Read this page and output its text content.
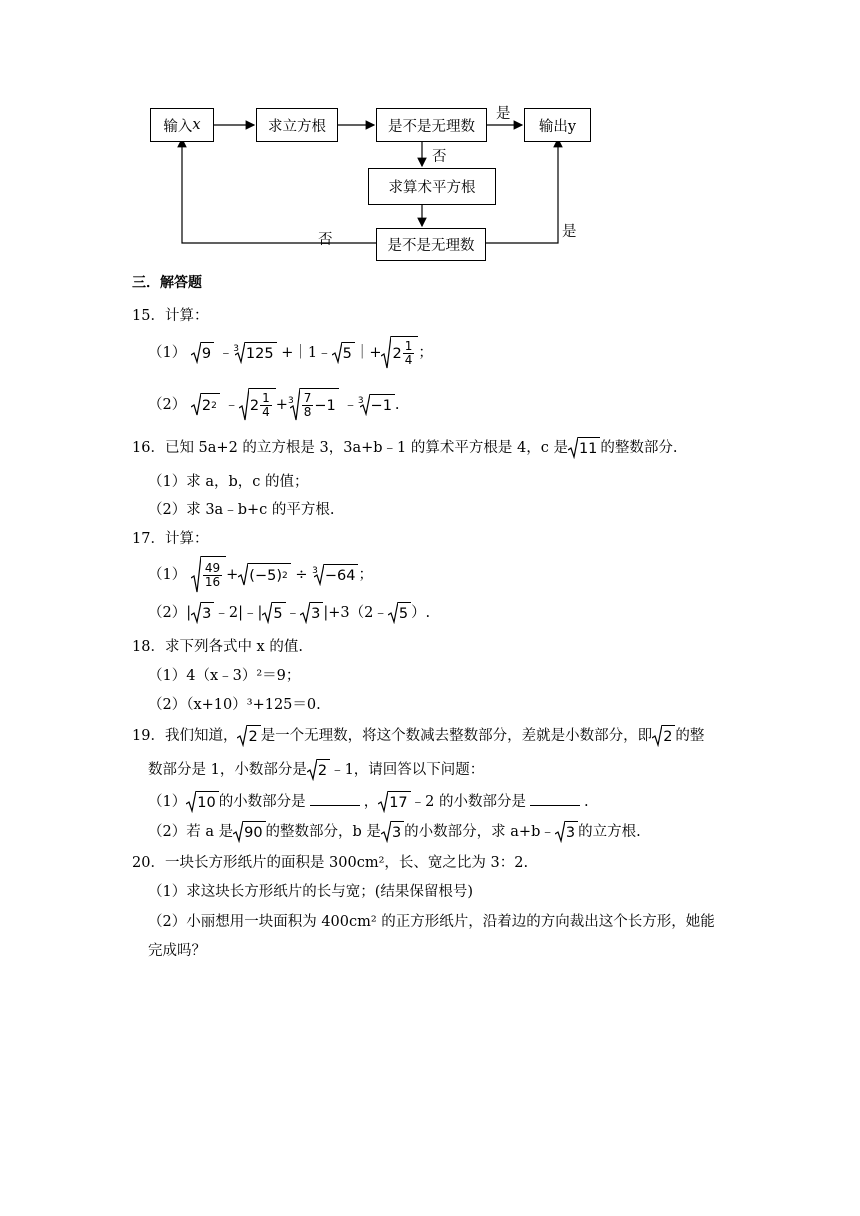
输入 x	求立方根	是不是无理数	输出y
求算术平方根
是不是无理数
是
否
否	是
三．解答题
15．计算：
（1） 9 ﹣$^3$ 125 +｜1﹣ 5 ｜+ $2 \frac{1}{4}$ ；
（2） 2 2 ﹣ $2 \frac{1}{4} +^3 \frac{7}{8} -1$ ﹣$^3$ −1 .
16．已知 5a+2 的立方根是 3，3a+b﹣1 的算术平方根是 4，c 是 11 的整数部分.
（1）求 a，b，c 的值；
（2）求 3a﹣b+c 的平方根.
17．计算：
$(1) \frac{49}{16} + (-5) 2 \div ^3 -64$ ；
（2）| 3 ﹣2|﹣| 5 ﹣ 3 |+3（2﹣ 5 ）.
18．求下列各式中 x 的值.
（1）4（x﹣3）²＝9；
（2）（x+10）³+125＝0.
19．我们知道， 2 是一个无理数，将这个数减去整数部分，差就是小数部分，即 2 的整
数部分是 1，小数部分是 2 ﹣1，请回答以下问题：
（1） 10 的小数部分是	， 17 ﹣2 的小数部分是	.
（2）若 a 是 90 的整数部分，b 是 3 的小数部分，求 a+b﹣ 3 的立方根.
20．一块长方形纸片的面积是 300cm²，长、宽之比为 3：2.
（1）求这块长方形纸片的长与宽；(结果保留根号)
（2）小丽想用一块面积为 400cm² 的正方形纸片，沿着边的方向裁出这个长方形，她能
完成吗？
